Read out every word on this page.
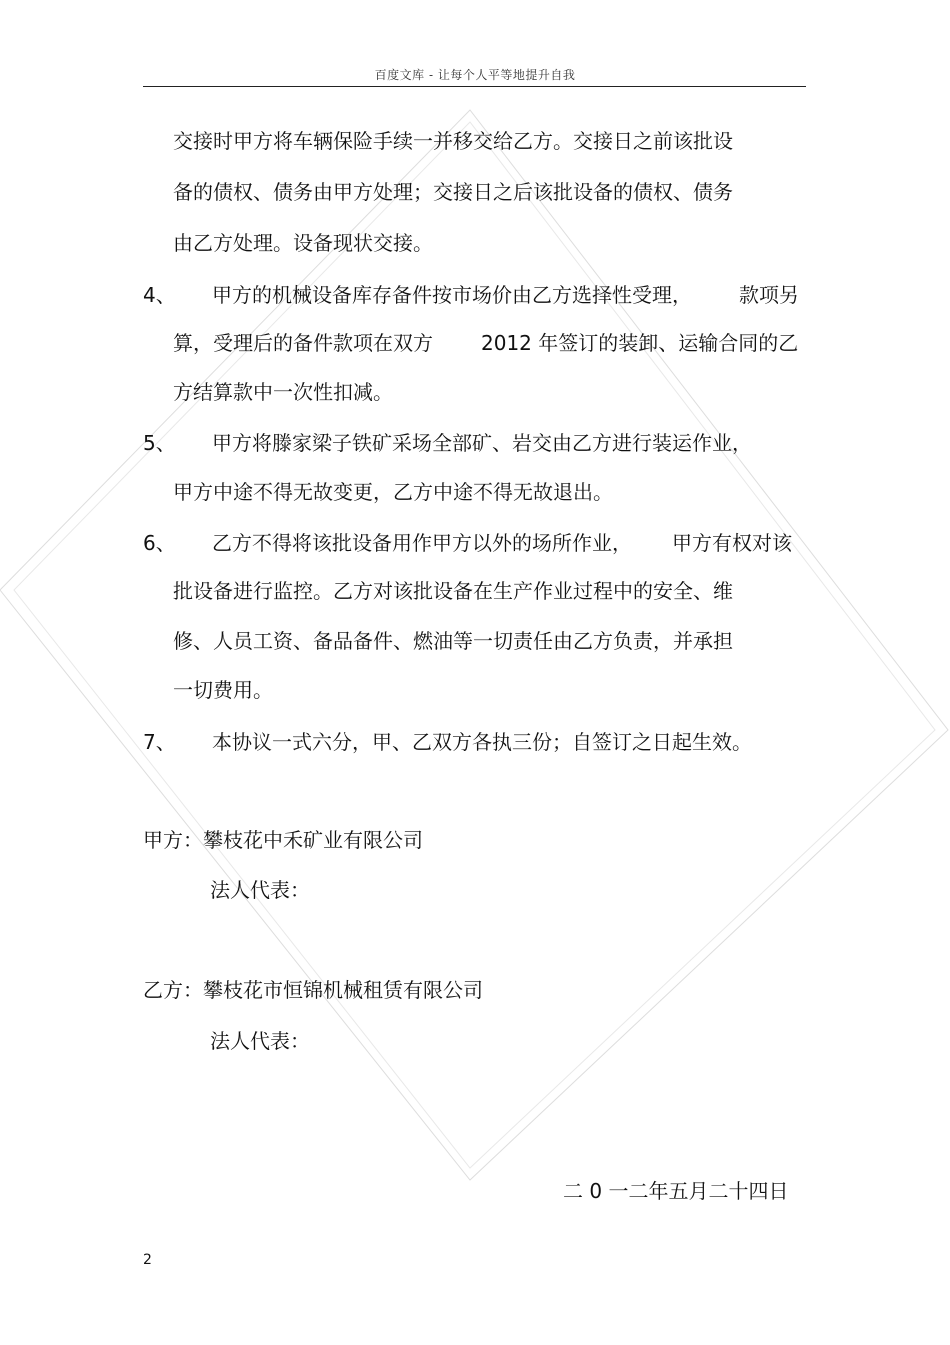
百度文库 - 让每个人平等地提升自我
交接时甲方将车辆保险手续一并移交给乙方。交接日之前该批设
备的债权、债务由甲方处理；交接日之后该批设备的债权、债务
由乙方处理。设备现状交接。
4、 甲方的机械设备库存备件按市场价由乙方选择性受理， 款项另
算，受理后的备件款项在双方 2012 年签订的装卸、运输合同的乙
方结算款中一次性扣减。
5、 甲方将滕家梁子铁矿采场全部矿、岩交由乙方进行装运作业，
甲方中途不得无故变更，乙方中途不得无故退出。
6、 乙方不得将该批设备用作甲方以外的场所作业， 甲方有权对该
批设备进行监控。乙方对该批设备在生产作业过程中的安全、维
修、人员工资、备品备件、燃油等一切责任由乙方负责，并承担
一切费用。
7、 本协议一式六分，甲、乙双方各执三份；自签订之日起生效。
甲方：攀枝花中禾矿业有限公司
法人代表：
乙方：攀枝花市恒锦机械租赁有限公司
法人代表：
二 0 一二年五月二十四日
2
